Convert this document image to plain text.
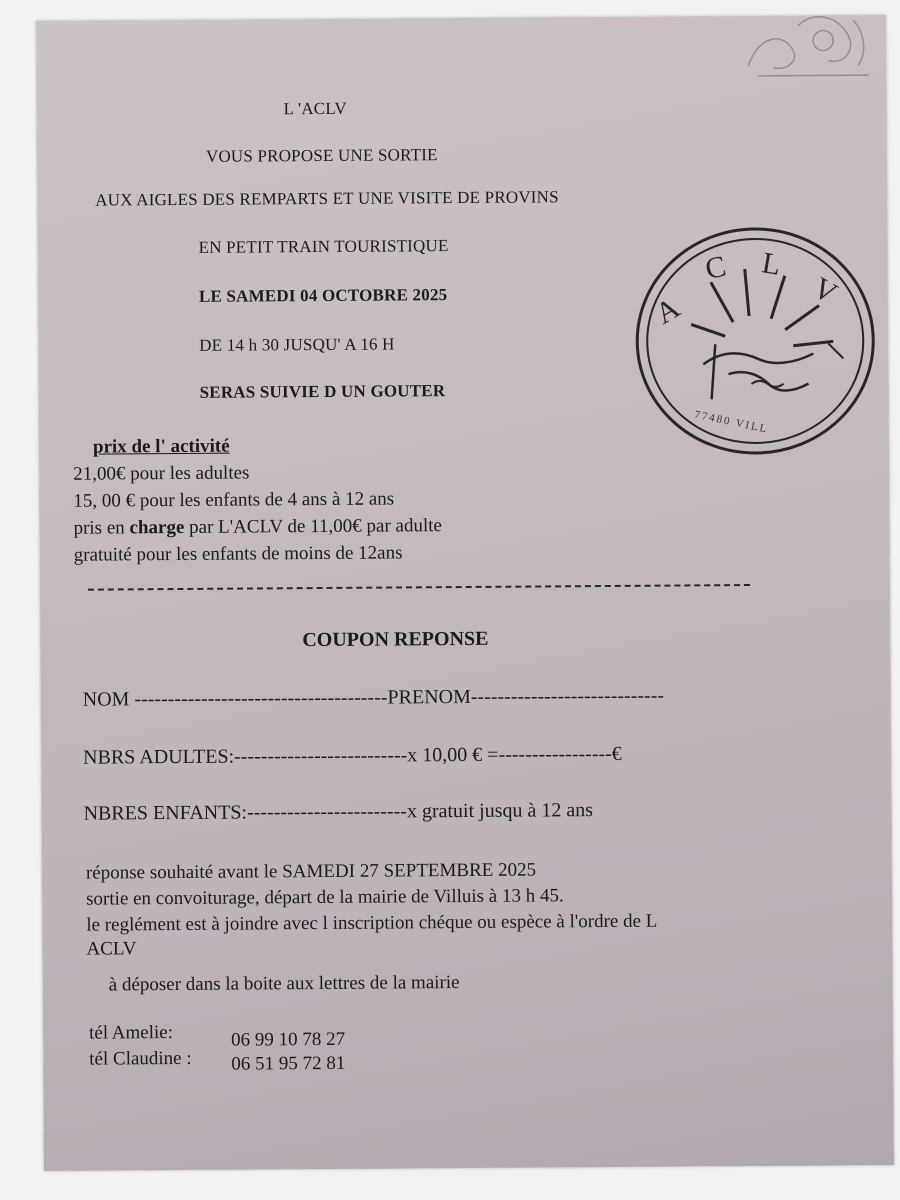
L 'ACLV
VOUS PROPOSE UNE SORTIE
AUX AIGLES DES REMPARTS ET UNE VISITE DE PROVINS
EN PETIT TRAIN TOURISTIQUE
LE SAMEDI 04 OCTOBRE 2025
DE 14 h 30 JUSQU' A 16 H
SERAS SUIVIE D UN GOUTER
A
C L
V
77480 VILL
prix de l' activité
21,00€ pour les adultes
15, 00 € pour les enfants de 4 ans à 12 ans
pris en charge par L'ACLV de 11,00€ par adulte
gratuité pour les enfants de moins de 12ans
COUPON REPONSE
NOM --------------------------------------PRENOM-----------------------------
NBRS ADULTES:--------------------------x 10,00 € =-----------------€
NBRES ENFANTS:------------------------x gratuit jusqu à 12 ans
réponse souhaité avant le SAMEDI 27 SEPTEMBRE 2025
sortie en convoiturage, départ de la mairie de Villuis à 13 h 45.
le reglément est à joindre avec l inscription chéque ou espèce à l'ordre de L
ACLV
à déposer dans la boite aux lettres de la mairie
tél Amelie:	06 99 10 78 27
tél Claudine : 06 51 95 72 81
